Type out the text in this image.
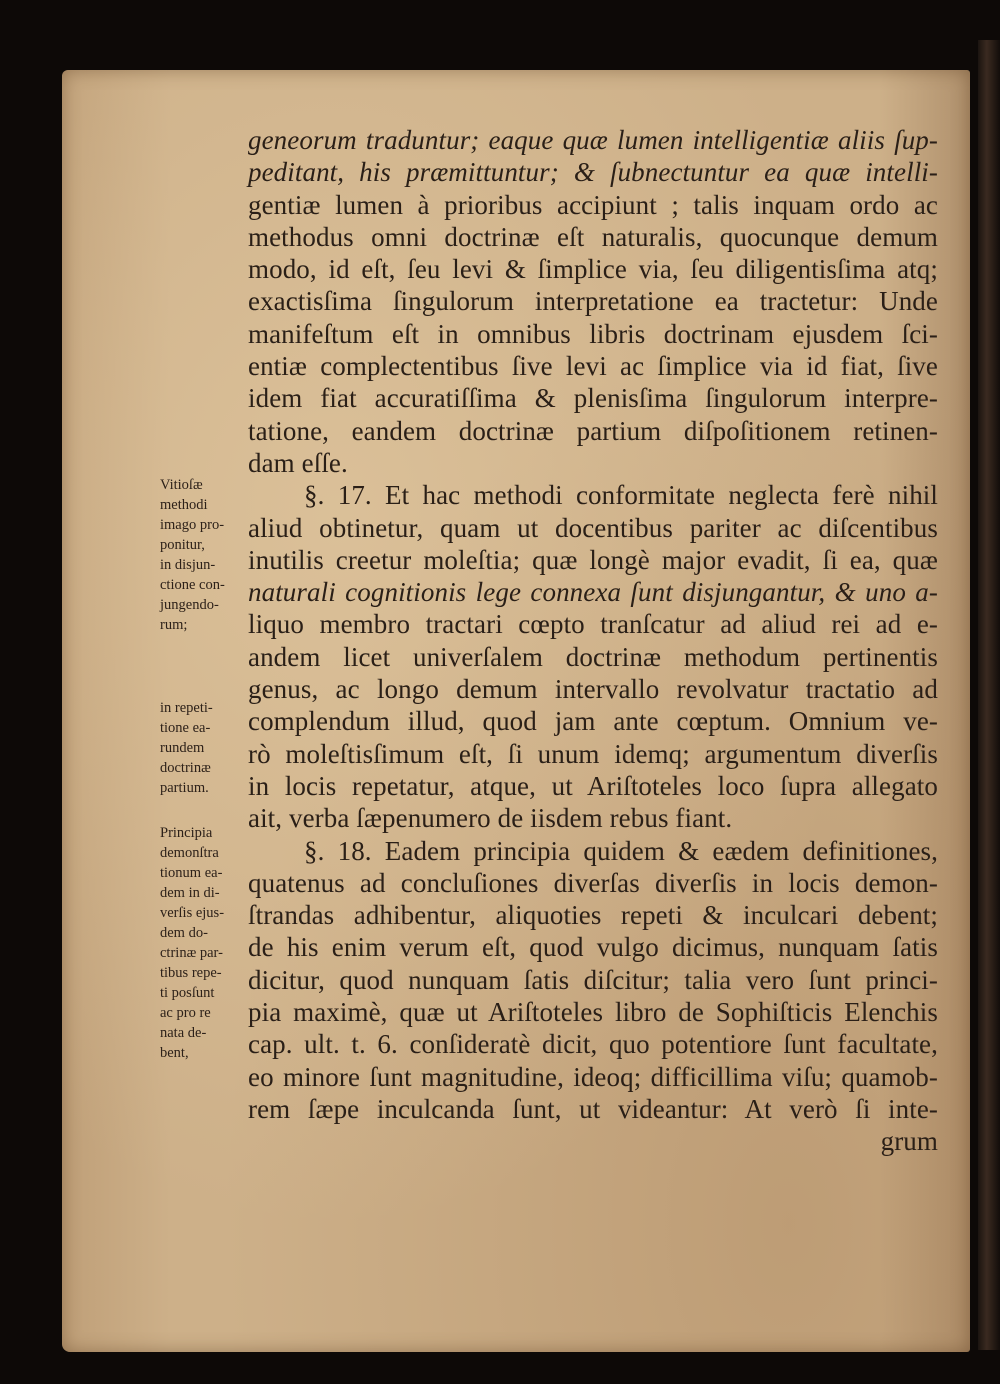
geneorum traduntur; eaque quæ lumen intelligentiæ aliis ſup-
peditant, his præmittuntur; & ſubnectuntur ea quæ intelli-
gentiæ lumen à prioribus accipiunt ; talis inquam ordo ac
methodus omni doctrinæ eſt naturalis, quocunque demum
modo, id eſt, ſeu levi & ſimplice via, ſeu diligentisſima atq;
exactisſima ſingulorum interpretatione ea tractetur: Unde
manifeſtum eſt in omnibus libris doctrinam ejusdem ſci-
entiæ complectentibus ſive levi ac ſimplice via id fiat, ſive
idem fiat accuratiſſima & plenisſima ſingulorum interpre-
tatione, eandem doctrinæ partium diſpoſitionem retinen-
dam eſſe.
§. 17. Et hac methodi conformitate neglecta ferè nihil
aliud obtinetur, quam ut docentibus pariter ac diſcentibus
inutilis creetur moleſtia; quæ longè major evadit, ſi ea, quæ
naturali cognitionis lege connexa ſunt disjungantur, & uno a-
liquo membro tractari cœpto tranſcatur ad aliud rei ad e-
andem licet univerſalem doctrinæ methodum pertinentis
genus, ac longo demum intervallo revolvatur tractatio ad
complendum illud, quod jam ante cœptum. Omnium ve-
rò moleſtisſimum eſt, ſi unum idemq; argumentum diverſis
in locis repetatur, atque, ut Ariſtoteles loco ſupra allegato
ait, verba ſæpenumero de iisdem rebus fiant.
§. 18. Eadem principia quidem & eædem definitiones,
quatenus ad concluſiones diverſas diverſis in locis demon-
ſtrandas adhibentur, aliquoties repeti & inculcari debent;
de his enim verum eſt, quod vulgo dicimus, nunquam ſatis
dicitur, quod nunquam ſatis diſcitur; talia vero ſunt princi-
pia maximè, quæ ut Ariſtoteles libro de Sophiſticis Elenchis
cap. ult. t. 6. conſideratè dicit, quo potentiore ſunt facultate,
eo minore ſunt magnitudine, ideoq; difficillima viſu; quamob-
rem ſæpe inculcanda ſunt, ut videantur: At verò ſi inte-
grum
Vitioſæ
methodi
imago pro-
ponitur,
in disjun-
ctione con-
jungendo-
rum;
in repeti-
tione ea-
rundem
doctrinæ
partium.
Principia
demonſtra
tionum ea-
dem in di-
verſis ejus-
dem do-
ctrinæ par-
tibus repe-
ti posſunt
ac pro re
nata de-
bent,
